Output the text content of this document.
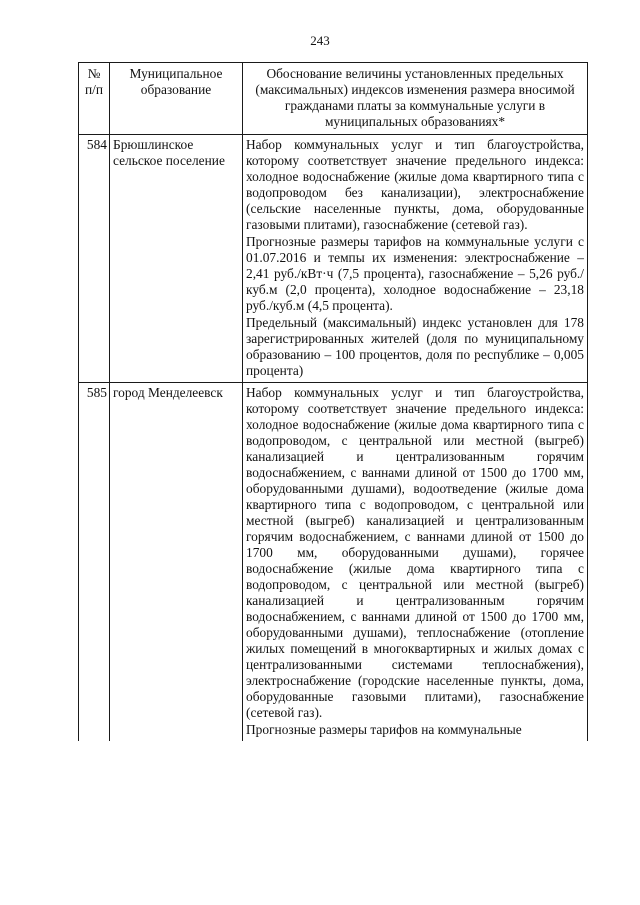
243
№ п/п	Муниципальное образование	Обоснование величины установленных предельных (максимальных) индексов изменения размера вносимой гражданами платы за коммунальные услуги в муниципальных образованиях*
584	Брюшлинское сельское поселение	Набор коммунальных услуг и тип благоустройства, которому соответствует значение предельного индекса: холодное водоснабжение (жилые дома квартирного типа с водопроводом без канализации), электроснабжение (сельские населенные пункты, дома, оборудованные газовыми плитами), газоснабжение (сетевой газ).

Прогнозные размеры тарифов на коммунальные услуги с 01.07.2016 и темпы их изменения: электроснабжение – 2,41 руб./кВт·ч (7,5 процента), газоснабжение – 5,26 руб./куб.м (2,0 процента), холодное водоснабжение – 23,18 руб./куб.м (4,5 процента).

Предельный (максимальный) индекс установлен для 178 зарегистрированных жителей (доля по муниципальному образованию – 100 процентов, доля по республике – 0,005 процента)

585	город Менделеевск	Набор коммунальных услуг и тип благоустройства, которому соответствует значение предельного индекса: холодное водоснабжение (жилые дома квартирного типа с водопроводом, с центральной или местной (выгреб) канализацией и централизованным горячим водоснабжением, с ваннами длиной от 1500 до 1700 мм, оборудованными душами), водоотведение (жилые дома квартирного типа с водопроводом, с центральной или местной (выгреб) канализацией и централизованным горячим водоснабжением, с ваннами длиной от 1500 до 1700 мм, оборудованными душами), горячее водоснабжение (жилые дома квартирного типа с водопроводом, с центральной или местной (выгреб) канализацией и централизованным горячим водоснабжением, с ваннами длиной от 1500 до 1700 мм, оборудованными душами), теплоснабжение (отопление жилых помещений в многоквартирных и жилых домах с централизованными системами теплоснабжения), электроснабжение (городские населенные пункты, дома, оборудованные газовыми плитами), газоснабжение (сетевой газ).

Прогнозные размеры тарифов на коммунальные
